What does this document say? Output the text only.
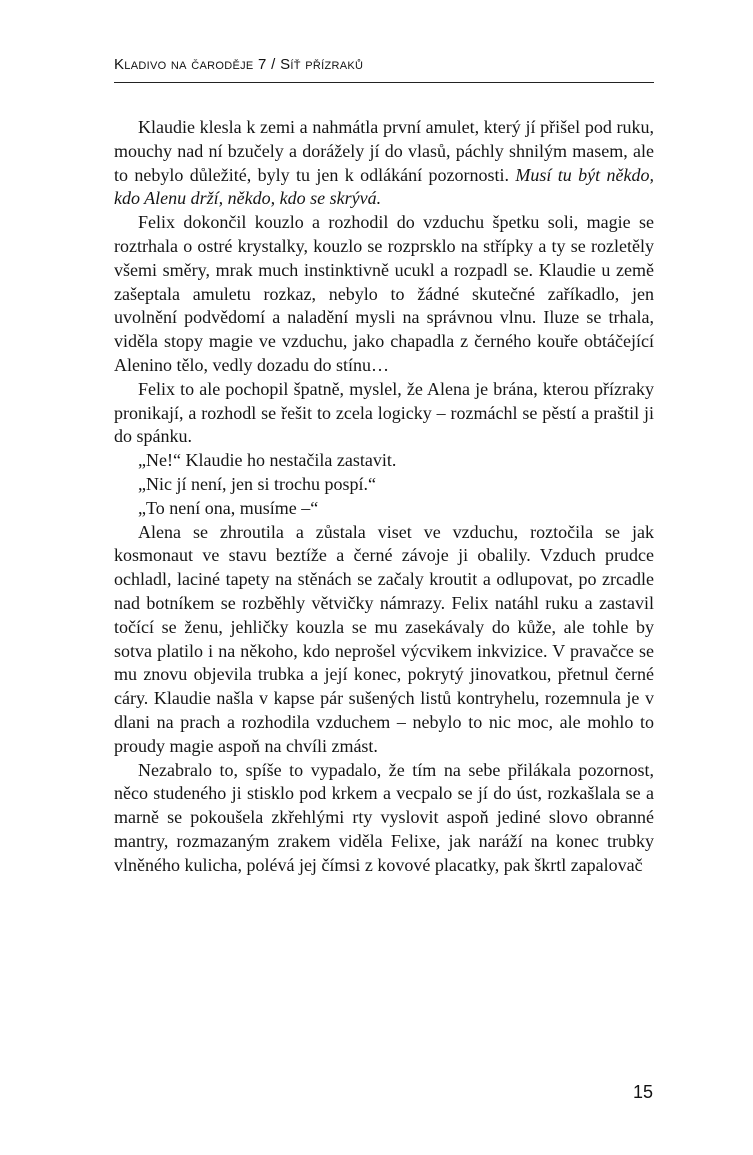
Kladivo na čaroděje 7 / Síť přízraků

Klaudie klesla k zemi a nahmátla první amulet, který jí přišel pod ruku, mouchy nad ní bzučely a dorážely jí do vlasů, páchly shnilým masem, ale to nebylo důležité, byly tu jen k odlákání pozornosti. Musí tu být někdo, kdo Alenu drží, někdo, kdo se skrývá.

Felix dokončil kouzlo a rozhodil do vzduchu špetku soli, magie se roztrhala o ostré krystalky, kouzlo se rozprsklo na střípky a ty se rozletěly všemi směry, mrak much instinktivně ucukl a rozpadl se. Klaudie u země zašeptala amuletu rozkaz, nebylo to žádné skutečné zaříkadlo, jen uvolnění podvědomí a naladění mysli na správnou vlnu. Iluze se trhala, viděla stopy magie ve vzduchu, jako chapadla z černého kouře obtáčející Alenino tělo, vedly dozadu do stínu…

Felix to ale pochopil špatně, myslel, že Alena je brána, kterou přízraky pronikají, a rozhodl se řešit to zcela logicky – rozmáchl se pěstí a praštil ji do spánku.

„Ne!“ Klaudie ho nestačila zastavit.

„Nic jí není, jen si trochu pospí.“

„To není ona, musíme –“

Alena se zhroutila a zůstala viset ve vzduchu, roztočila se jak kosmonaut ve stavu beztíže a černé závoje ji obalily. Vzduch prudce ochladl, laciné tapety na stěnách se začaly kroutit a odlupovat, po zrcadle nad botníkem se rozběhly větvičky námrazy. Felix natáhl ruku a zastavil točící se ženu, jehličky kouzla se mu zasekávaly do kůže, ale tohle by sotva platilo i na někoho, kdo neprošel výcvikem inkvizice. V pravačce se mu znovu objevila trubka a její konec, pokrytý jinovatkou, přetnul černé cáry. Klaudie našla v kapse pár sušených listů kontryhelu, rozemnula je v dlani na prach a rozhodila vzduchem – nebylo to nic moc, ale mohlo to proudy magie aspoň na chvíli zmást.

Nezabralo to, spíše to vypadalo, že tím na sebe přilákala pozornost, něco studeného ji stisklo pod krkem a vecpalo se jí do úst, rozkašlala se a marně se pokoušela zkřehlými rty vyslovit aspoň jediné slovo obranné mantry, rozmazaným zrakem viděla Felixe, jak naráží na konec trubky vlněného kulicha, polévá jej čímsi z kovové placatky, pak škrtl zapalovač

15
